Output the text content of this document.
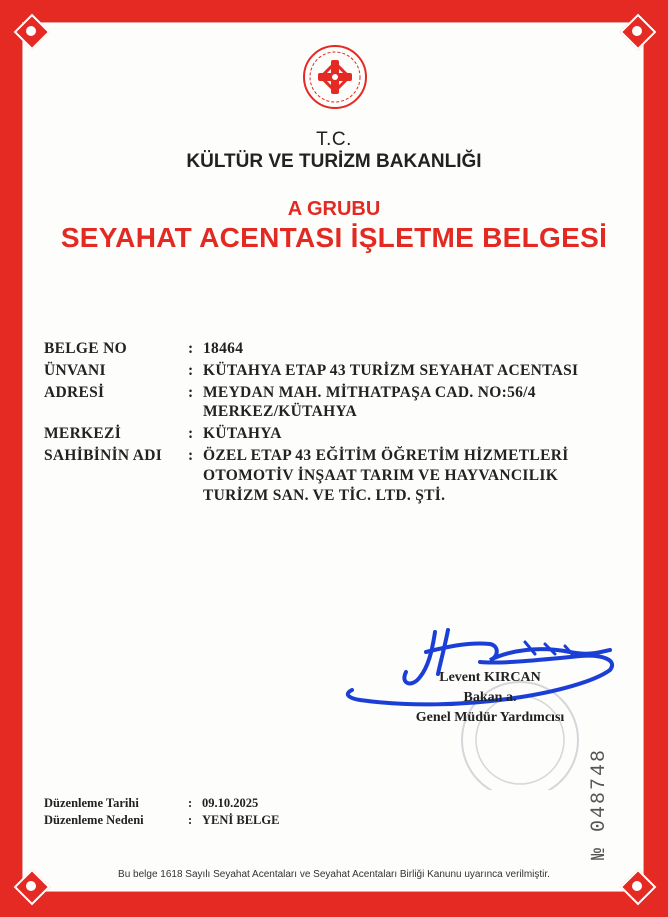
T.C.
KÜLTÜR VE TURİZM BAKANLIĞI
A GRUBU
SEYAHAT ACENTASI İŞLETME BELGESİ
BELGE NO	: 18464
ÜNVANI	: KÜTAHYA ETAP 43 TURİZM SEYAHAT ACENTASI
ADRESİ	: MEYDAN MAH. MİTHATPAŞA CAD. NO:56/4
MERKEZ/KÜTAHYA
MERKEZİ	: KÜTAHYA
SAHİBİNİN ADI : ÖZEL ETAP 43 EĞİTİM ÖĞRETİM HİZMETLERİ
OTOMOTİV İNŞAAT TARIM VE HAYVANCILIK
TURİZM SAN. VE TİC. LTD. ŞTİ.
Levent KIRCAN
Bakan a.
Genel Müdür Yardımcısı
Düzenleme Tarihi	: 09.10.2025
Düzenleme Nedeni	: YENİ BELGE	№ 048748
Bu belge 1618 Sayılı Seyahat Acentaları ve Seyahat Acentaları Birliği Kanunu uyarınca verilmiştir.
